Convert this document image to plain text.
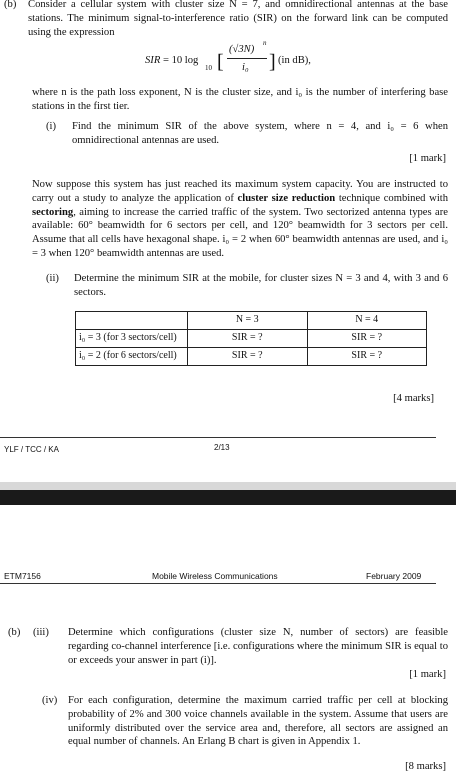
(b) Consider a cellular system with cluster size N = 7, and omnidirectional antennas at the base stations. The minimum signal-to-interference ratio (SIR) on the forward link can be computed using the expression
SIR = 10 log
10 [
(√3N)
n
i₀ ] (in dB),
where n is the path loss exponent, N is the cluster size, and i₀ is the number of interfering base stations in the first tier.
(i) Find the minimum SIR of the above system, where n = 4, and i₀ = 6 when omnidirectional antennas are used.
[1 mark]
Now suppose this system has just reached its maximum system capacity. You are instructed to carry out a study to analyze the application of cluster size reduction technique combined with sectoring, aiming to increase the carried traffic of the system. Two sectorized antenna types are available: 60° beamwidth for 6 sectors per cell, and 120° beamwidth for 3 sectors per cell. Assume that all cells have hexagonal shape. i₀ = 2 when 60° beamwidth antennas are used, and i₀ = 3 when 120° beamwidth antennas are used.
(ii) Determine the minimum SIR at the mobile, for cluster sizes N = 3 and 4, with 3 and 6 sectors.
	N = 3	N = 4
i₀ = 3 (for 3 sectors/cell)	SIR = ?	SIR = ?
i₀ = 2 (for 6 sectors/cell)	SIR = ?	SIR = ?
[4 marks]
YLF / TCC / KA	2/13
ETM7156	Mobile Wireless Communications	February 2009
(b) (iii) Determine which configurations (cluster size N, number of sectors) are feasible regarding co-channel interference [i.e. configurations where the minimum SIR is equal to or exceeds your answer in part (i)].
[1 mark]
(iv) For each configuration, determine the maximum carried traffic per cell at blocking probability of 2% and 300 voice channels available in the system. Assume that users are uniformly distributed over the service area and, therefore, all sectors are assigned an equal number of channels. An Erlang B chart is given in Appendix 1.
[8 marks]
